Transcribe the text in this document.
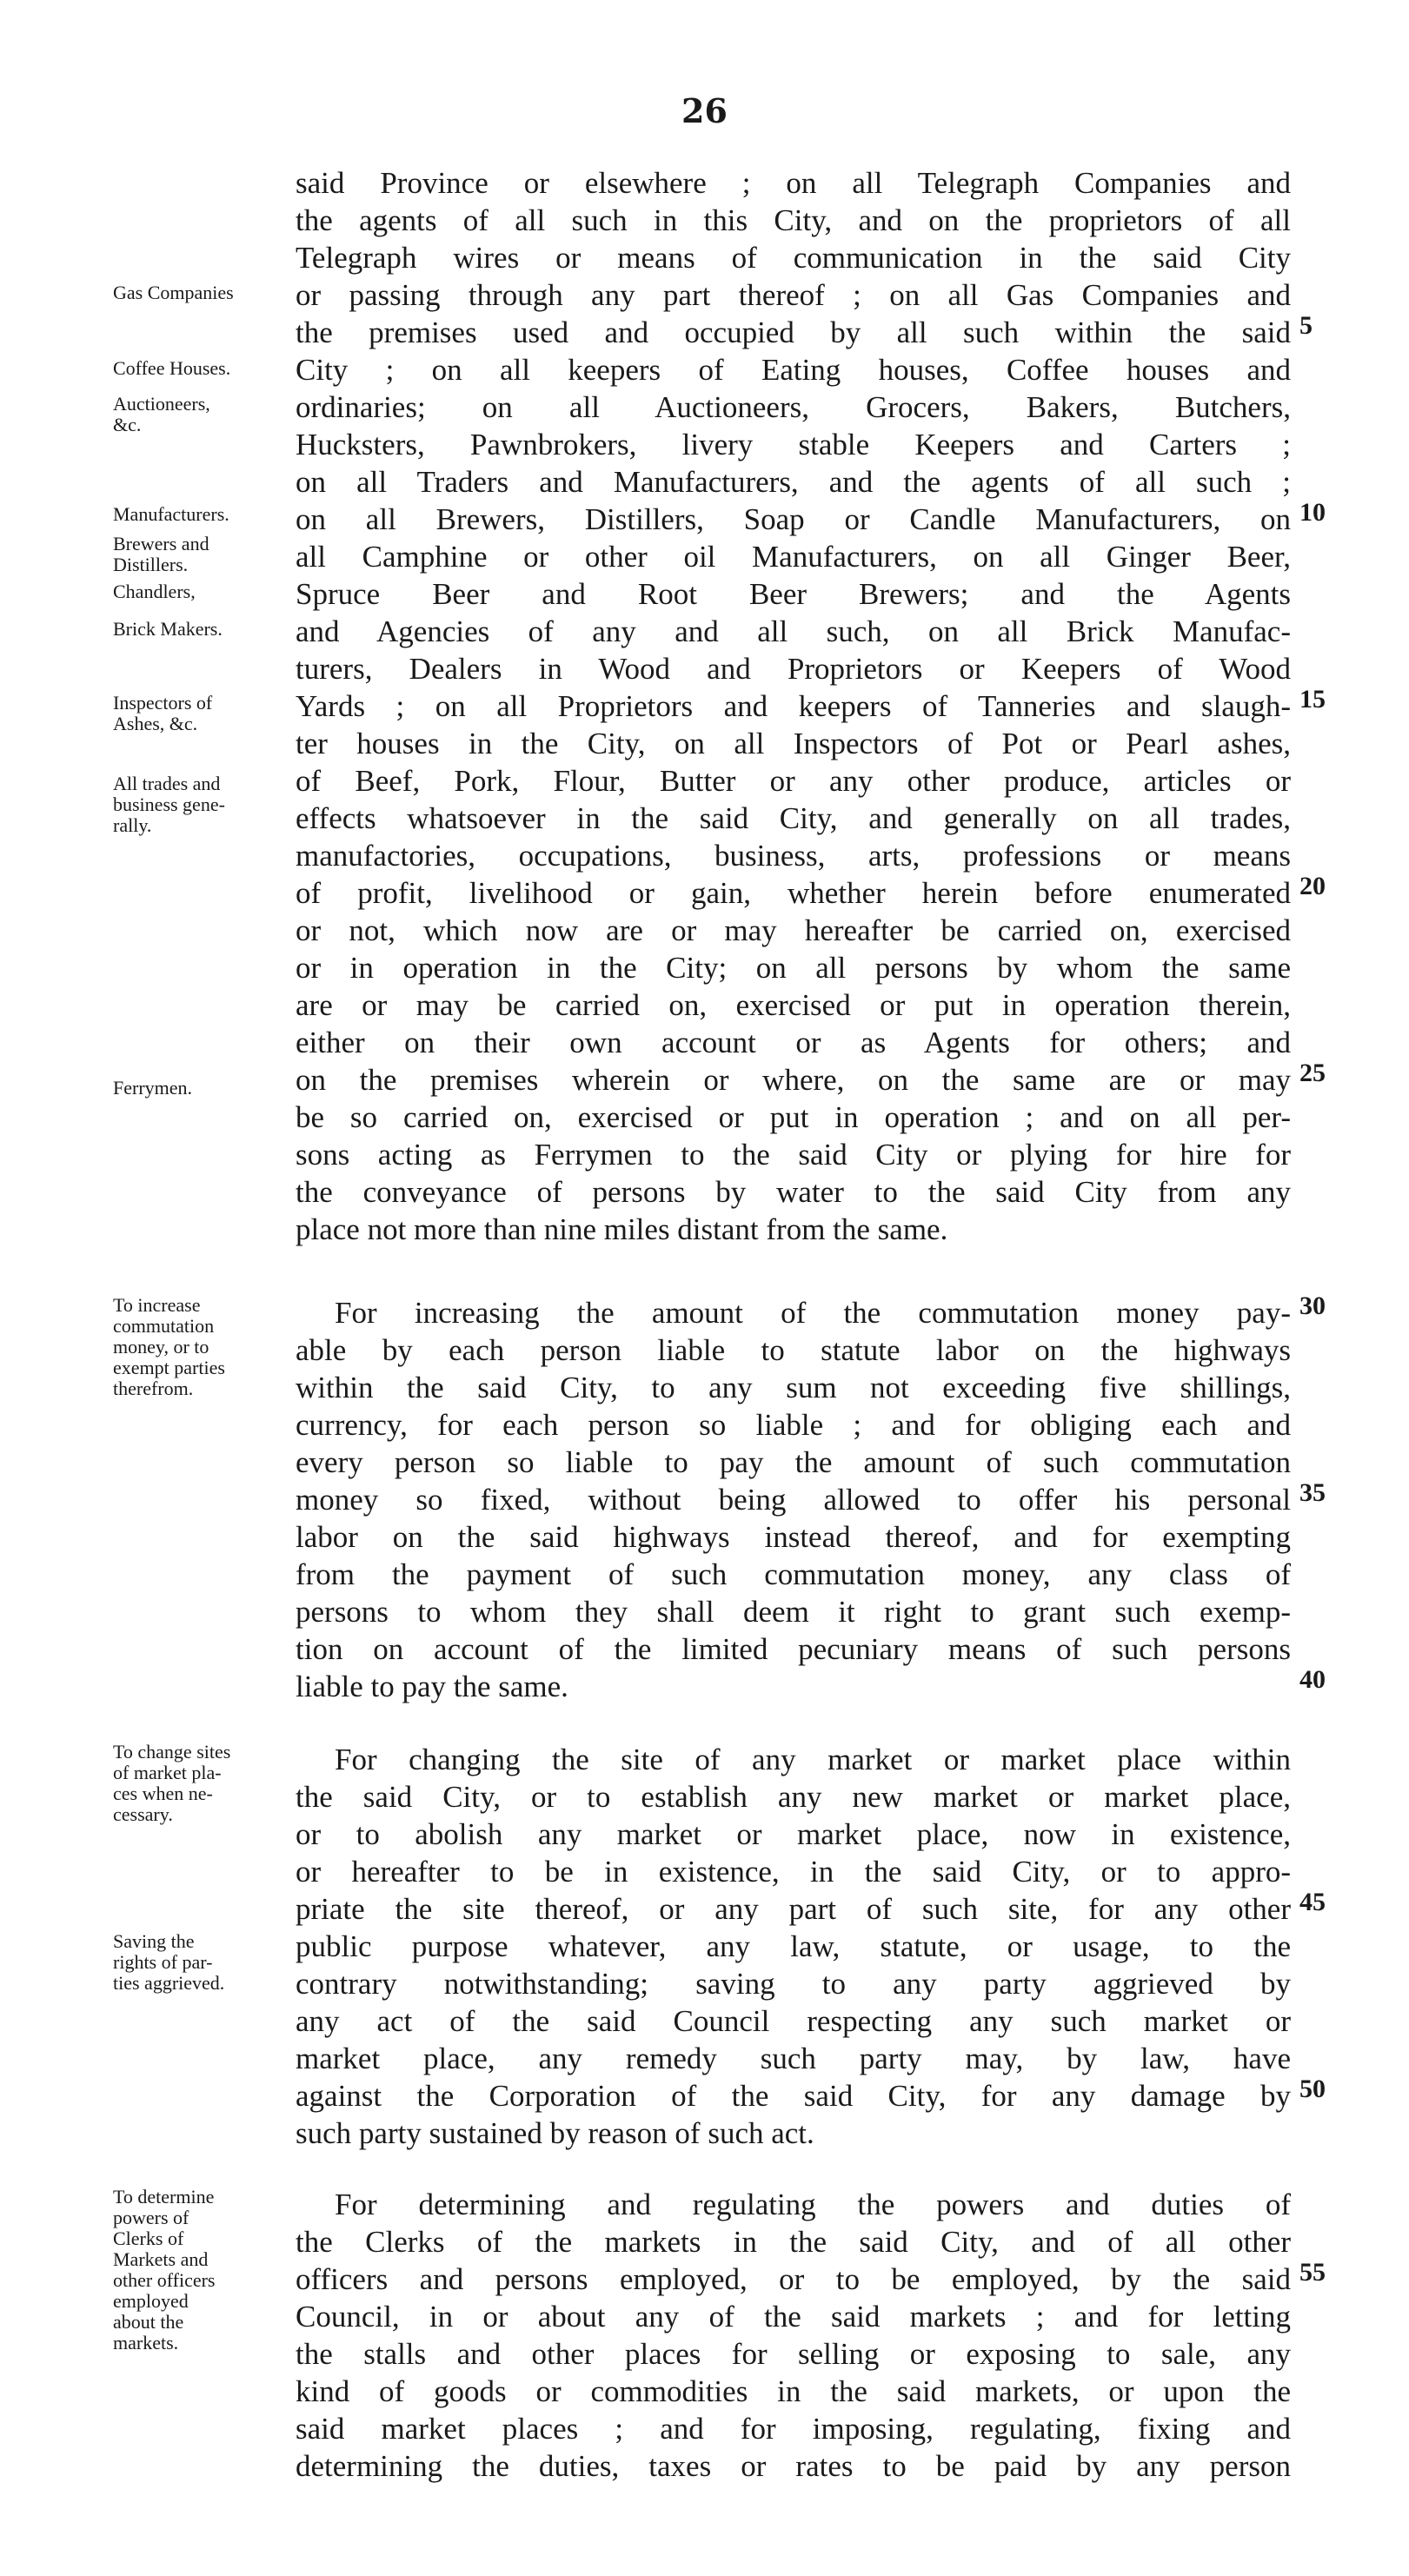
26
said Province or elsewhere ; on all Telegraph Companies and
the agents of all such in this City, and on the proprietors of all
Telegraph wires or means of communication in the said City
or passing through any part thereof ; on all Gas Companies and
the premises used and occupied by all such within the said
City ; on all keepers of Eating houses, Coffee houses and
ordinaries; on all Auctioneers, Grocers, Bakers, Butchers,
Hucksters, Pawnbrokers, livery stable Keepers and Carters ;
on all Traders and Manufacturers, and the agents of all such ;
on all Brewers, Distillers, Soap or Candle Manufacturers, on
all Camphine or other oil Manufacturers, on all Ginger Beer,
Spruce Beer and Root Beer Brewers; and the Agents
and Agencies of any and all such, on all Brick Manufac-
turers, Dealers in Wood and Proprietors or Keepers of Wood
Yards ; on all Proprietors and keepers of Tanneries and slaugh-
ter houses in the City, on all Inspectors of Pot or Pearl ashes,
of Beef, Pork, Flour, Butter or any other produce, articles or
effects whatsoever in the said City, and generally on all trades,
manufactories, occupations, business, arts, professions or means
of profit, livelihood or gain, whether herein before enumerated
or not, which now are or may hereafter be carried on, exercised
or in operation in the City; on all persons by whom the same
are or may be carried on, exercised or put in operation therein,
either on their own account or as Agents for others; and
on the premises wherein or where, on the same are or may
be so carried on, exercised or put in operation ; and on all per-
sons acting as Ferrymen to the said City or plying for hire for
the conveyance of persons by water to the said City from any
place not more than nine miles distant from the same.
For increasing the amount of the commutation money pay-
able by each person liable to statute labor on the highways
within the said City, to any sum not exceeding five shillings,
currency, for each person so liable ; and for obliging each and
every person so liable to pay the amount of such commutation
money so fixed, without being allowed to offer his personal
labor on the said highways instead thereof, and for exempting
from the payment of such commutation money, any class of
persons to whom they shall deem it right to grant such exemp-
tion on account of the limited pecuniary means of such persons
liable to pay the same.
For changing the site of any market or market place within
the said City, or to establish any new market or market place,
or to abolish any market or market place, now in existence,
or hereafter to be in existence, in the said City, or to appro-
priate the site thereof, or any part of such site, for any other
public purpose whatever, any law, statute, or usage, to the
contrary notwithstanding; saving to any party aggrieved by
any act of the said Council respecting any such market or
market place, any remedy such party may, by law, have
against the Corporation of the said City, for any damage by
such party sustained by reason of such act.
For determining and regulating the powers and duties of
the Clerks of the markets in the said City, and of all other
officers and persons employed, or to be employed, by the said
Council, in or about any of the said markets ; and for letting
the stalls and other places for selling or exposing to sale, any
kind of goods or commodities in the said markets, or upon the
said market places ; and for imposing, regulating, fixing and
determining the duties, taxes or rates to be paid by any person
Gas Companies
Coffee Houses.
Auctioneers,
&c.
Manufacturers.
Brewers and
Distillers.
Chandlers,
Brick Makers.
Inspectors of
Ashes, &c.
All trades and
business gene-
rally.
Ferrymen.
To increase
commutation
money, or to
exempt parties
therefrom.
To change sites
of market pla-
ces when ne-
cessary.
Saving the
rights of par-
ties aggrieved.
To determine
powers of
Clerks of
Markets and
other officers
employed
about the
markets.
5
10
15
20
25
30
35
40
45
50
55
